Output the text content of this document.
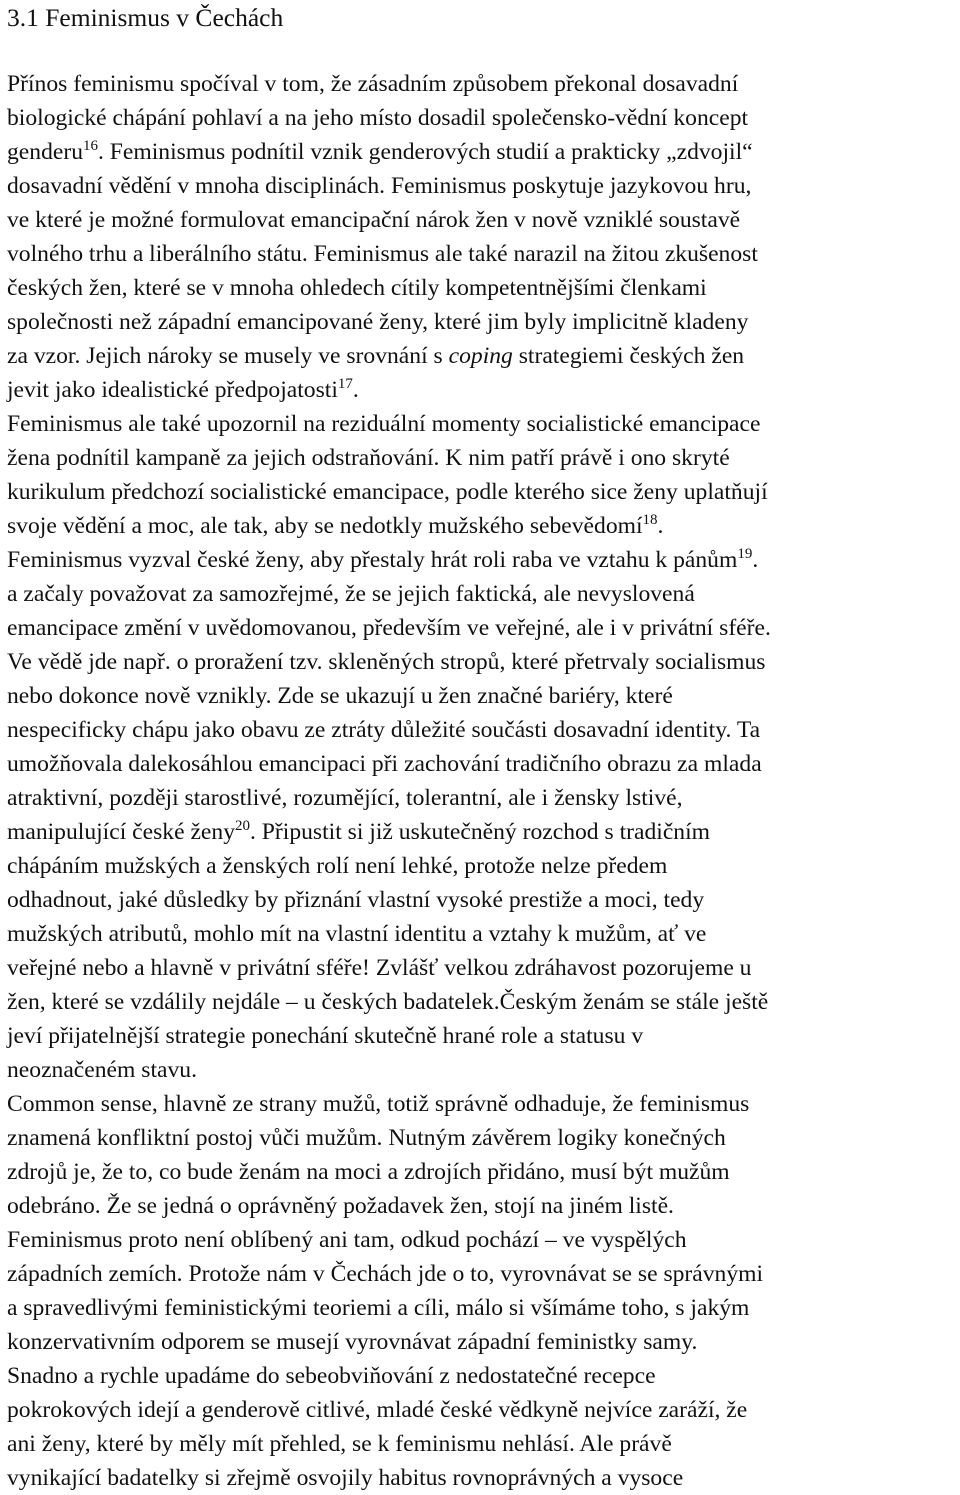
3.1 Feminismus v Čechách
Přínos feminismu spočíval v tom, že zásadním způsobem překonal dosavadní
biologické chápání pohlaví a na jeho místo dosadil společensko-vědní koncept
genderu$^{16}$. Feminismus podnítil vznik genderových studií a prakticky „zdvojil“
dosavadní vědění v mnoha disciplinách. Feminismus poskytuje jazykovou hru,
ve které je možné formulovat emancipační nárok žen v nově vzniklé soustavě
volného trhu a liberálního státu. Feminismus ale také narazil na žitou zkušenost
českých žen, které se v mnoha ohledech cítily kompetentnějšími členkami
společnosti než západní emancipované ženy, které jim byly implicitně kladeny
za vzor. Jejich nároky se musely ve srovnání s coping strategiemi českých žen
jevit jako idealistické předpojatosti$^{17}$.
Feminismus ale také upozornil na reziduální momenty socialistické emancipace
žena podnítil kampaně za jejich odstraňování. K nim patří právě i ono skryté
kurikulum předchozí socialistické emancipace, podle kterého sice ženy uplatňují
svoje vědění a moc, ale tak, aby se nedotkly mužského sebevědomí$^{18}$.
Feminismus vyzval české ženy, aby přestaly hrát roli raba ve vztahu k pánům$^{19}$.
a začaly považovat za samozřejmé, že se jejich faktická, ale nevyslovená
emancipace změní v uvědomovanou, především ve veřejné, ale i v privátní sféře.
Ve vědě jde např. o proražení tzv. skleněných stropů, které přetrvaly socialismus
nebo dokonce nově vznikly. Zde se ukazují u žen značné bariéry, které
nespecificky chápu jako obavu ze ztráty důležité součásti dosavadní identity. Ta
umožňovala dalekosáhlou emancipaci při zachování tradičního obrazu za mlada
atraktivní, později starostlivé, rozumějící, tolerantní, ale i žensky lstivé,
manipulující české ženy$^{20}$. Připustit si již uskutečněný rozchod s tradičním
chápáním mužských a ženských rolí není lehké, protože nelze předem
odhadnout, jaké důsledky by přiznání vlastní vysoké prestiže a moci, tedy
mužských atributů, mohlo mít na vlastní identitu a vztahy k mužům, ať ve
veřejné nebo a hlavně v privátní sféře! Zvlášť velkou zdráhavost pozorujeme u
žen, které se vzdálily nejdále – u českých badatelek.Českým ženám se stále ještě
jeví přijatelnější strategie ponechání skutečně hrané role a statusu v
neoznačeném stavu.
Common sense, hlavně ze strany mužů, totiž správně odhaduje, že feminismus
znamená konfliktní postoj vůči mužům. Nutným závěrem logiky konečných
zdrojů je, že to, co bude ženám na moci a zdrojích přidáno, musí být mužům
odebráno. Že se jedná o oprávněný požadavek žen, stojí na jiném listě.
Feminismus proto není oblíbený ani tam, odkud pochází – ve vyspělých
západních zemích. Protože nám v Čechách jde o to, vyrovnávat se se správnými
a spravedlivými feministickými teoriemi a cíli, málo si všímáme toho, s jakým
konzervativním odporem se musejí vyrovnávat západní feministky samy.
Snadno a rychle upadáme do sebeobviňování z nedostatečné recepce
pokrokových idejí a genderově citlivé, mladé české vědkyně nejvíce zaráží, že
ani ženy, které by měly mít přehled, se k feminismu nehlásí. Ale právě
vynikající badatelky si zřejmě osvojily habitus rovnoprávných a vysoce
